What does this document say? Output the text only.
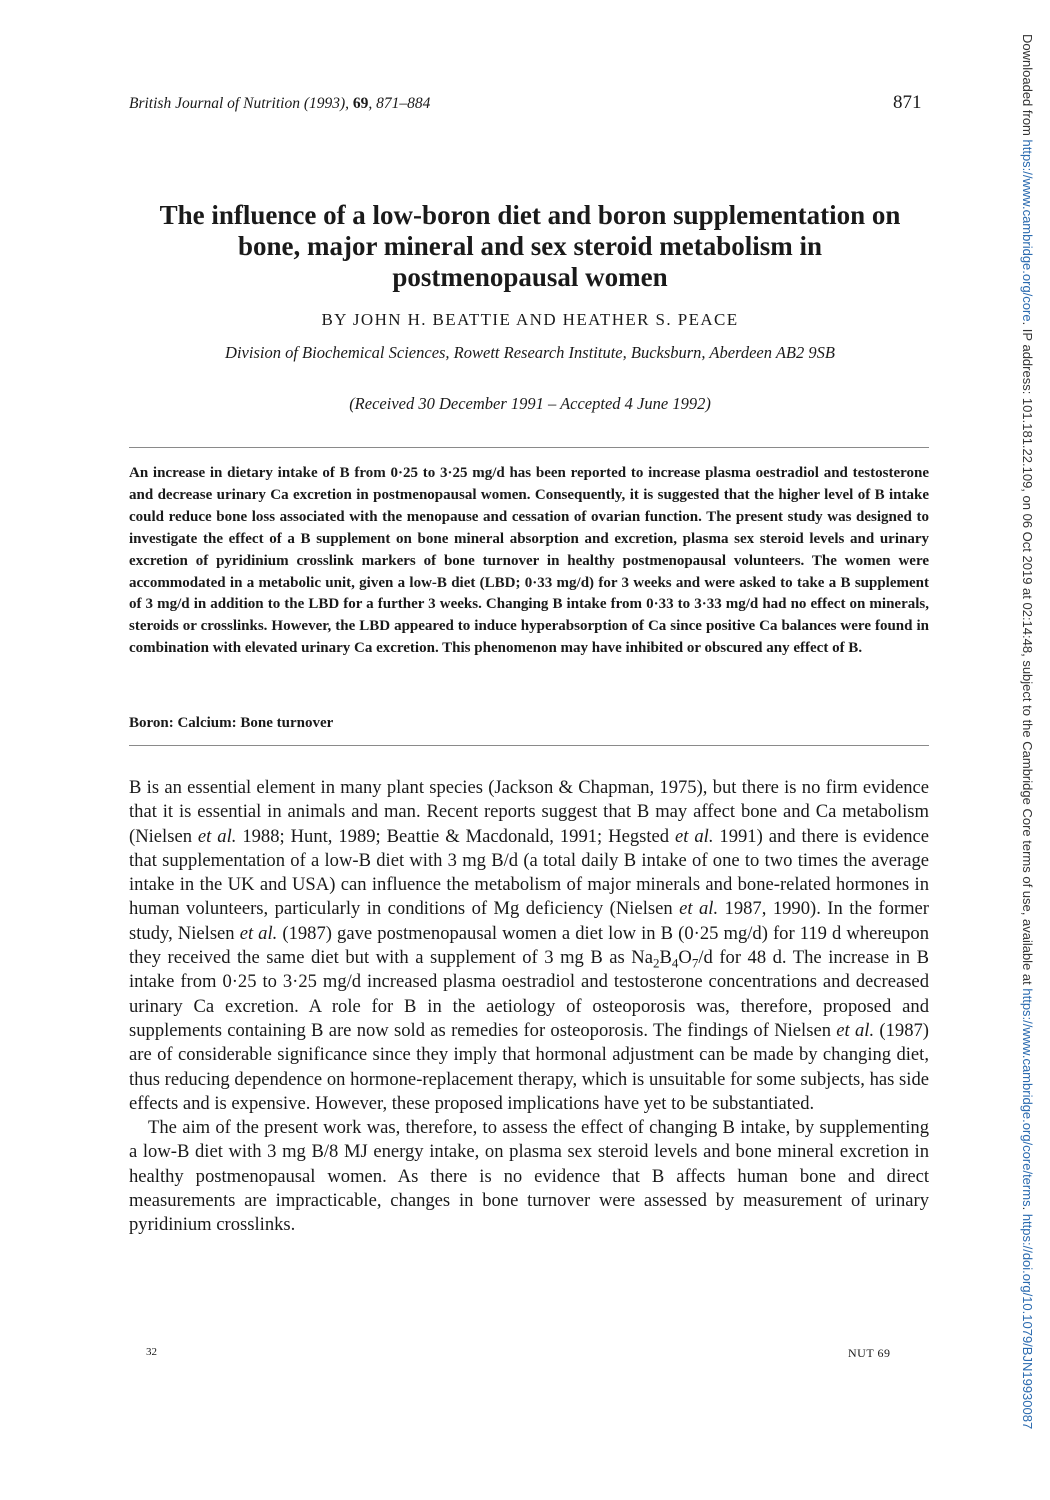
British Journal of Nutrition (1993), 69, 871–884	871
The influence of a low-boron diet and boron supplementation on
bone, major mineral and sex steroid metabolism in
postmenopausal women
BY JOHN H. BEATTIE AND HEATHER S. PEACE
Division of Biochemical Sciences, Rowett Research Institute, Bucksburn, Aberdeen AB2 9SB
(Received 30 December 1991 – Accepted 4 June 1992)
An increase in dietary intake of B from 0·25 to 3·25 mg/d has been reported to increase plasma oestradiol and testosterone and decrease urinary Ca excretion in postmenopausal women. Consequently, it is suggested that the higher level of B intake could reduce bone loss associated with the menopause and cessation of ovarian function. The present study was designed to investigate the effect of a B supplement on bone mineral absorption and excretion, plasma sex steroid levels and urinary excretion of pyridinium crosslink markers of bone turnover in healthy postmenopausal volunteers. The women were accommodated in a metabolic unit, given a low-B diet (LBD; 0·33 mg/d) for 3 weeks and were asked to take a B supplement of 3 mg/d in addition to the LBD for a further 3 weeks. Changing B intake from 0·33 to 3·33 mg/d had no effect on minerals, steroids or crosslinks. However, the LBD appeared to induce hyperabsorption of Ca since positive Ca balances were found in combination with elevated urinary Ca excretion. This phenomenon may have inhibited or obscured any effect of B.
Boron: Calcium: Bone turnover

B is an essential element in many plant species (Jackson & Chapman, 1975), but there is no firm evidence that it is essential in animals and man. Recent reports suggest that B may affect bone and Ca metabolism (Nielsen et al. 1988; Hunt, 1989; Beattie & Macdonald, 1991; Hegsted et al. 1991) and there is evidence that supplementation of a low-B diet with 3 mg B/d (a total daily B intake of one to two times the average intake in the UK and USA) can influence the metabolism of major minerals and bone-related hormones in human volunteers, particularly in conditions of Mg deficiency (Nielsen et al. 1987, 1990). In the former study, Nielsen et al. (1987) gave postmenopausal women a diet low in B (0·25 mg/d) for 119 d whereupon they received the same diet but with a supplement of 3 mg B as $Na_2B_4O_7/d$ for 48 d. The increase in B intake from 0·25 to 3·25 mg/d increased plasma oestradiol and testosterone concentrations and decreased urinary Ca excretion. A role for B in the aetiology of osteoporosis was, therefore, proposed and supplements containing B are now sold as remedies for osteoporosis. The findings of Nielsen et al. (1987) are of considerable significance since they imply that hormonal adjustment can be made by changing diet, thus reducing dependence on hormone-replacement therapy, which is unsuitable for some subjects, has side effects and is expensive. However, these proposed implications have yet to be substantiated.

The aim of the present work was, therefore, to assess the effect of changing B intake, by supplementing a low-B diet with 3 mg B/8 MJ energy intake, on plasma sex steroid levels and bone mineral excretion in healthy postmenopausal women. As there is no evidence that B affects human bone and direct measurements are impracticable, changes in bone turnover were assessed by measurement of urinary pyridinium crosslinks.

32	NUT 69
Downloaded from https://www.cambridge.org/core. IP address: 101.181.22.109, on 06 Oct 2019 at 02:14:48, subject to the Cambridge Core terms of use, available at https://www.cambridge.org/core/terms. https://doi.org/10.1079/BJN19930087
